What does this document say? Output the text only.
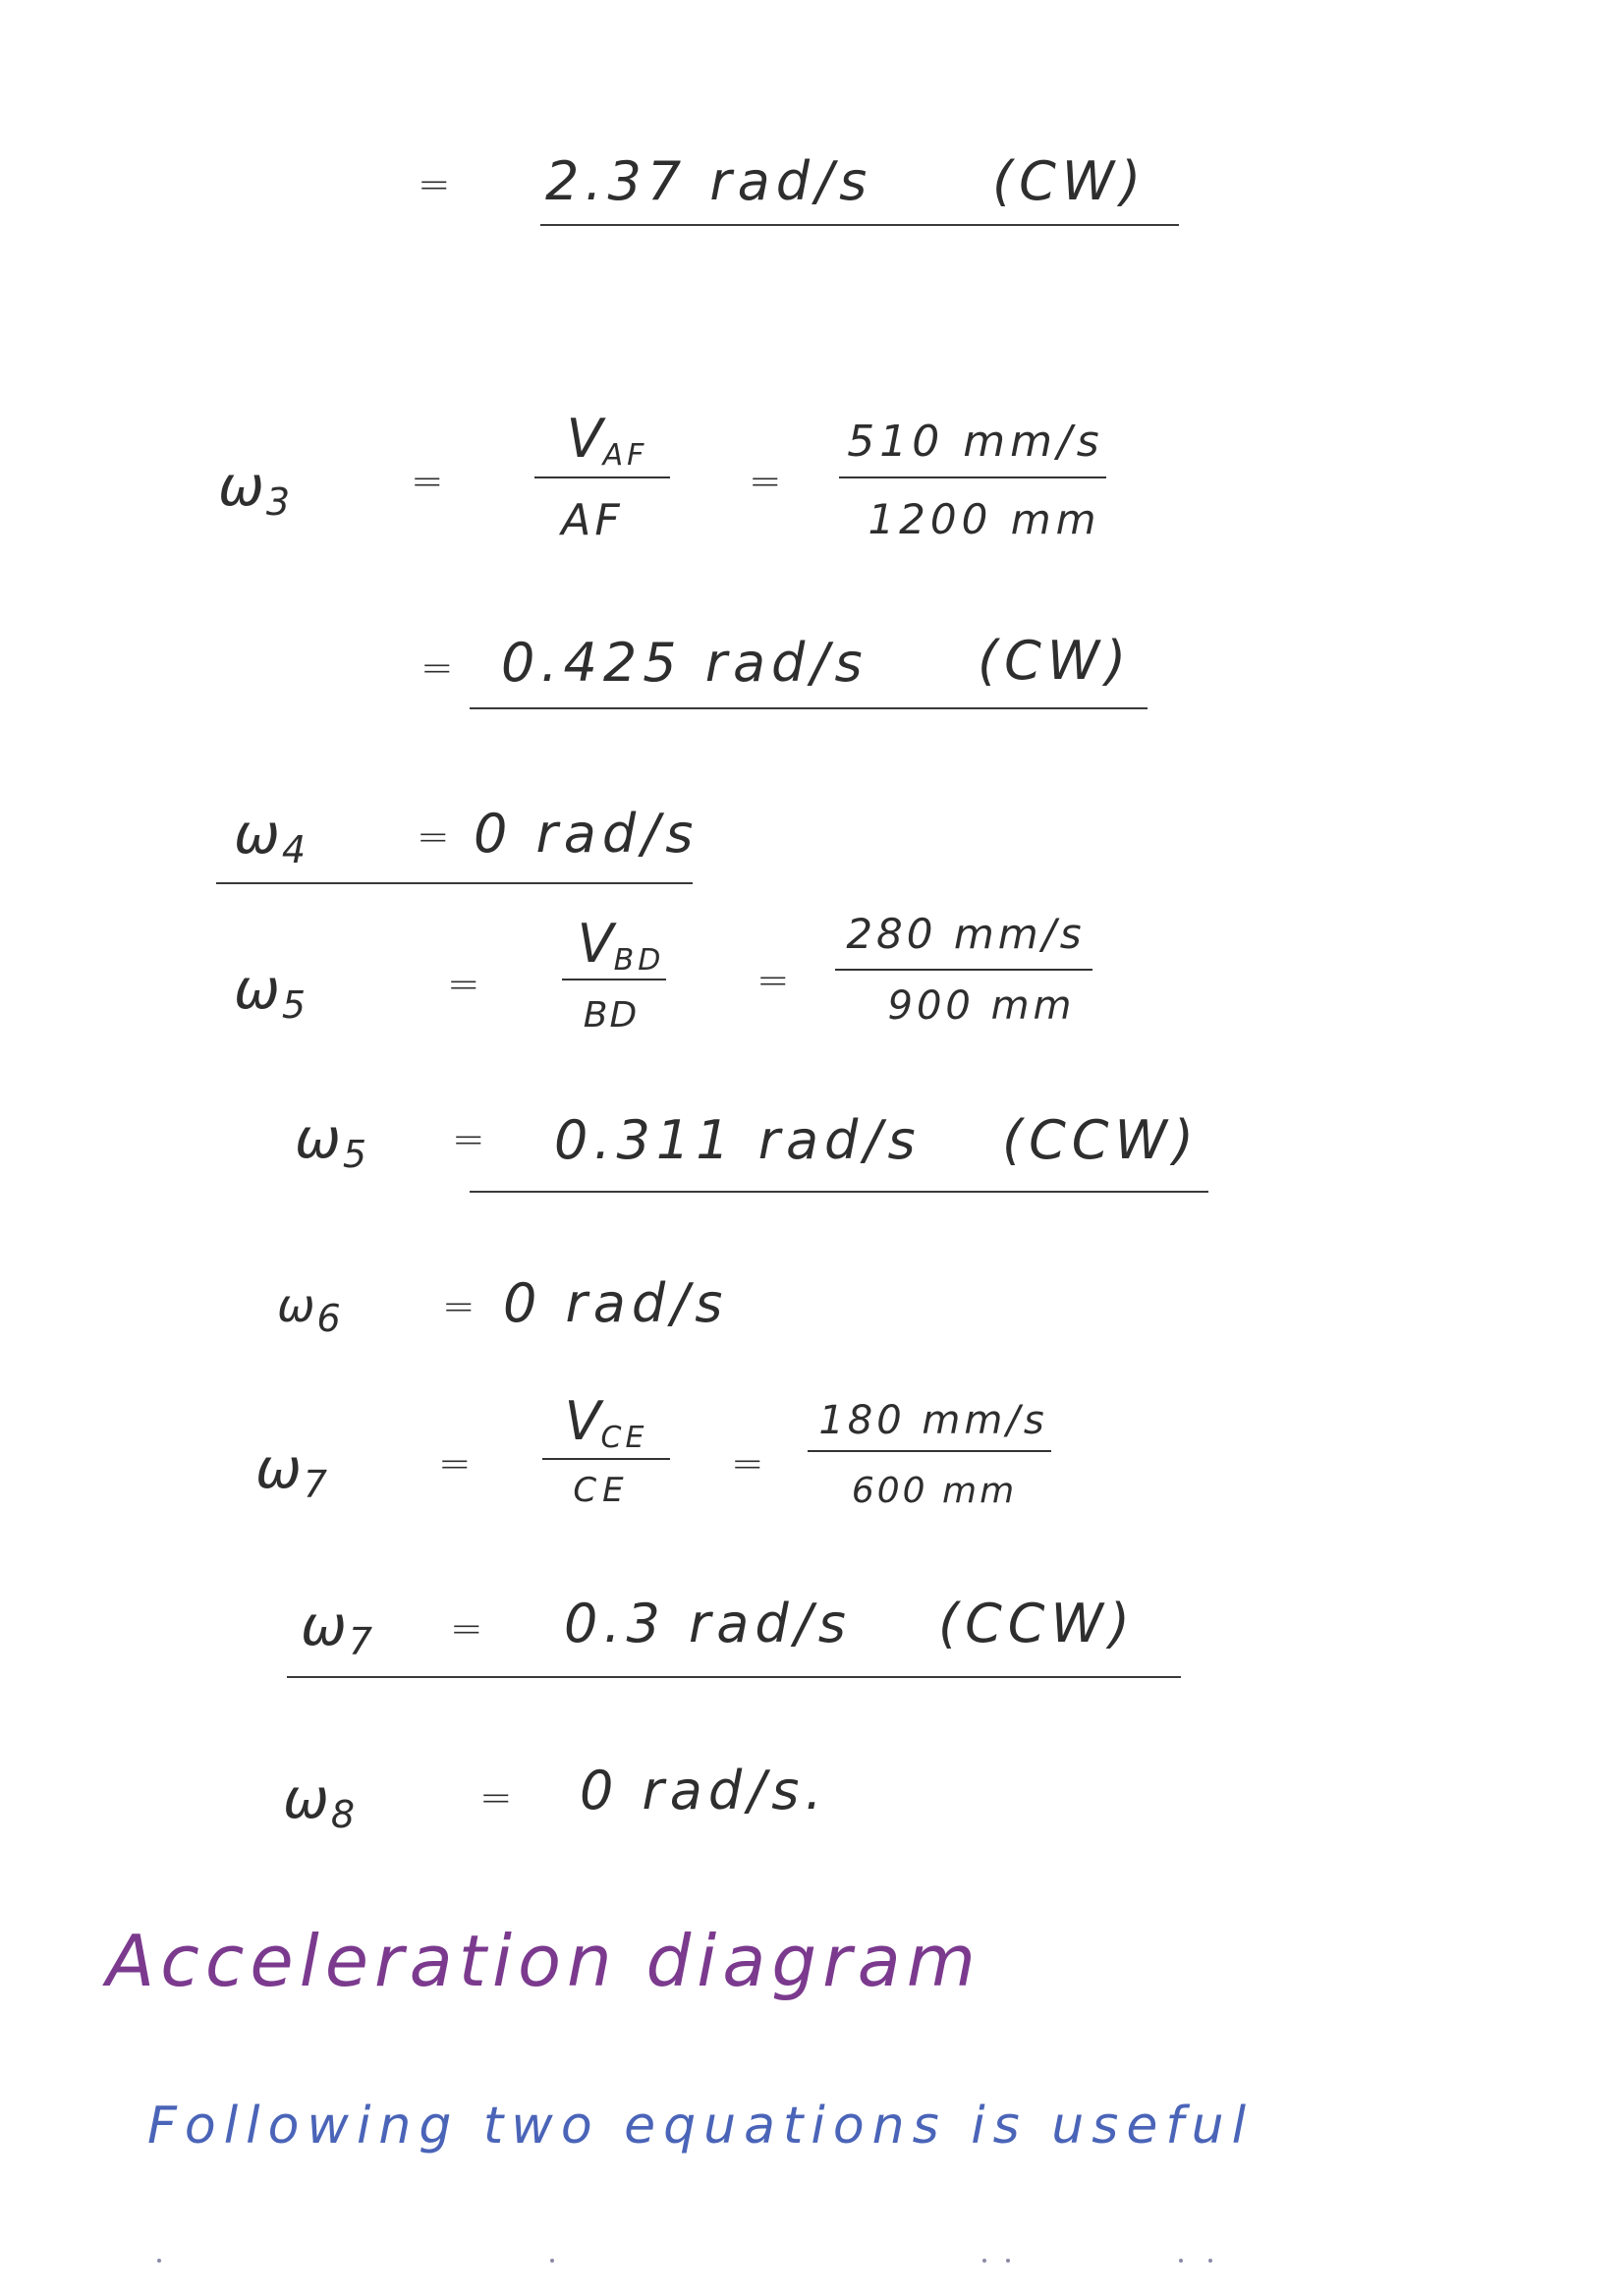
= 2.37 rad/s (CW)
$\omega_3$	=
$V_{AF}$
AF
=
510 mm/s
1200 mm
= 0.425 rad/s (CW)
$\omega_4$	= 0 rad/s
$\omega_5$	=
$V_{BD}$
BD
=
280 mm/s
900 mm
$\omega_5 = 0.311$ rad/s (CCW)
$\omega_6$	= 0 rad/s
$\omega_7$	=
$V_{CE}$
CE
=
180 mm/s
600 mm
$\omega_7 = 0.3$ rad/s (CCW)
$\omega_8$	= 0 rad/s.
Acceleration diagram
Following two equations is useful
